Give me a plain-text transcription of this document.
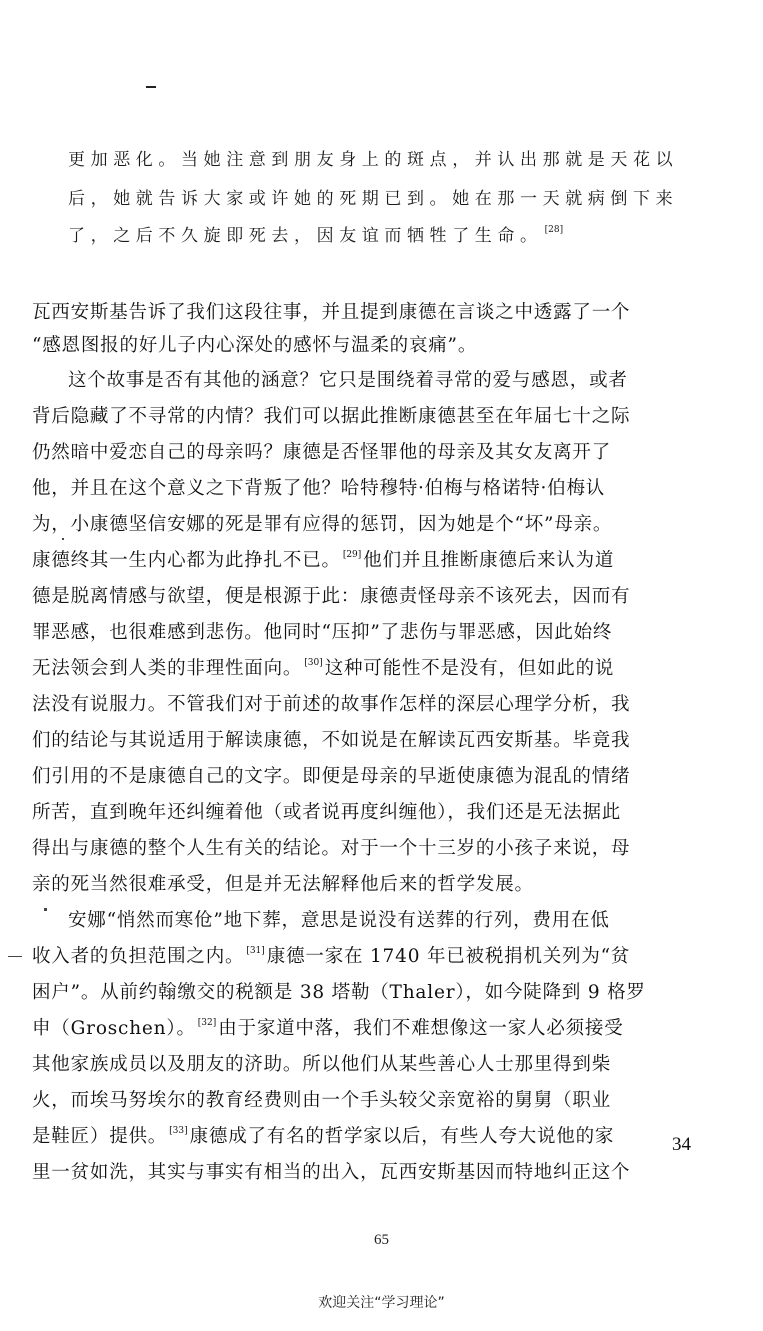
更加恶化。当她注意到朋友身上的斑点，并认出那就是天花以
后，她就告诉大家或许她的死期已到。她在那一天就病倒下来
了，之后不久旋即死去，因友谊而牺牲了生命。 [28]
瓦西安斯基告诉了我们这段往事，并且提到康德在言谈之中透露了一个
“感恩图报的好儿子内心深处的感怀与温柔的哀痛”。
这个故事是否有其他的涵意？它只是围绕着寻常的爱与感恩，或者
背后隐藏了不寻常的内情？我们可以据此推断康德甚至在年届七十之际
仍然暗中爱恋自己的母亲吗？康德是否怪罪他的母亲及其女友离开了
他，并且在这个意义之下背叛了他？哈特穆特·伯梅与格诺特·伯梅认
为，小康德坚信安娜的死是罪有应得的惩罚，因为她是个“坏”母亲。
康德终其一生内心都为此挣扎不已。 [29] 他们并且推断康德后来认为道
德是脱离情感与欲望，便是根源于此：康德责怪母亲不该死去，因而有
罪恶感，也很难感到悲伤。他同时“压抑”了悲伤与罪恶感，因此始终
无法领会到人类的非理性面向。 [30] 这种可能性不是没有，但如此的说
法没有说服力。不管我们对于前述的故事作怎样的深层心理学分析，我
们的结论与其说适用于解读康德，不如说是在解读瓦西安斯基。毕竟我
们引用的不是康德自己的文字。即便是母亲的早逝使康德为混乱的情绪
所苦，直到晚年还纠缠着他（或者说再度纠缠他），我们还是无法据此
得出与康德的整个人生有关的结论。对于一个十三岁的小孩子来说，母
亲的死当然很难承受，但是并无法解释他后来的哲学发展。
安娜“悄然而寒伧”地下葬，意思是说没有送葬的行列，费用在低
收入者的负担范围之内。 [31] 康德一家在 1740 年已被税捐机关列为“贫
困户”。从前约翰缴交的税额是 38 塔勒（Thaler），如今陡降到 9 格罗
申（Groschen）。 [32] 由于家道中落，我们不难想像这一家人必须接受
其他家族成员以及朋友的济助。所以他们从某些善心人士那里得到柴
火，而埃马努埃尔的教育经费则由一个手头较父亲宽裕的舅舅（职业
是鞋匠）提供。 [33] 康德成了有名的哲学家以后，有些人夸大说他的家
里一贫如洗，其实与事实有相当的出入，瓦西安斯基因而特地纠正这个
34
65
欢迎关注“学习理论”
